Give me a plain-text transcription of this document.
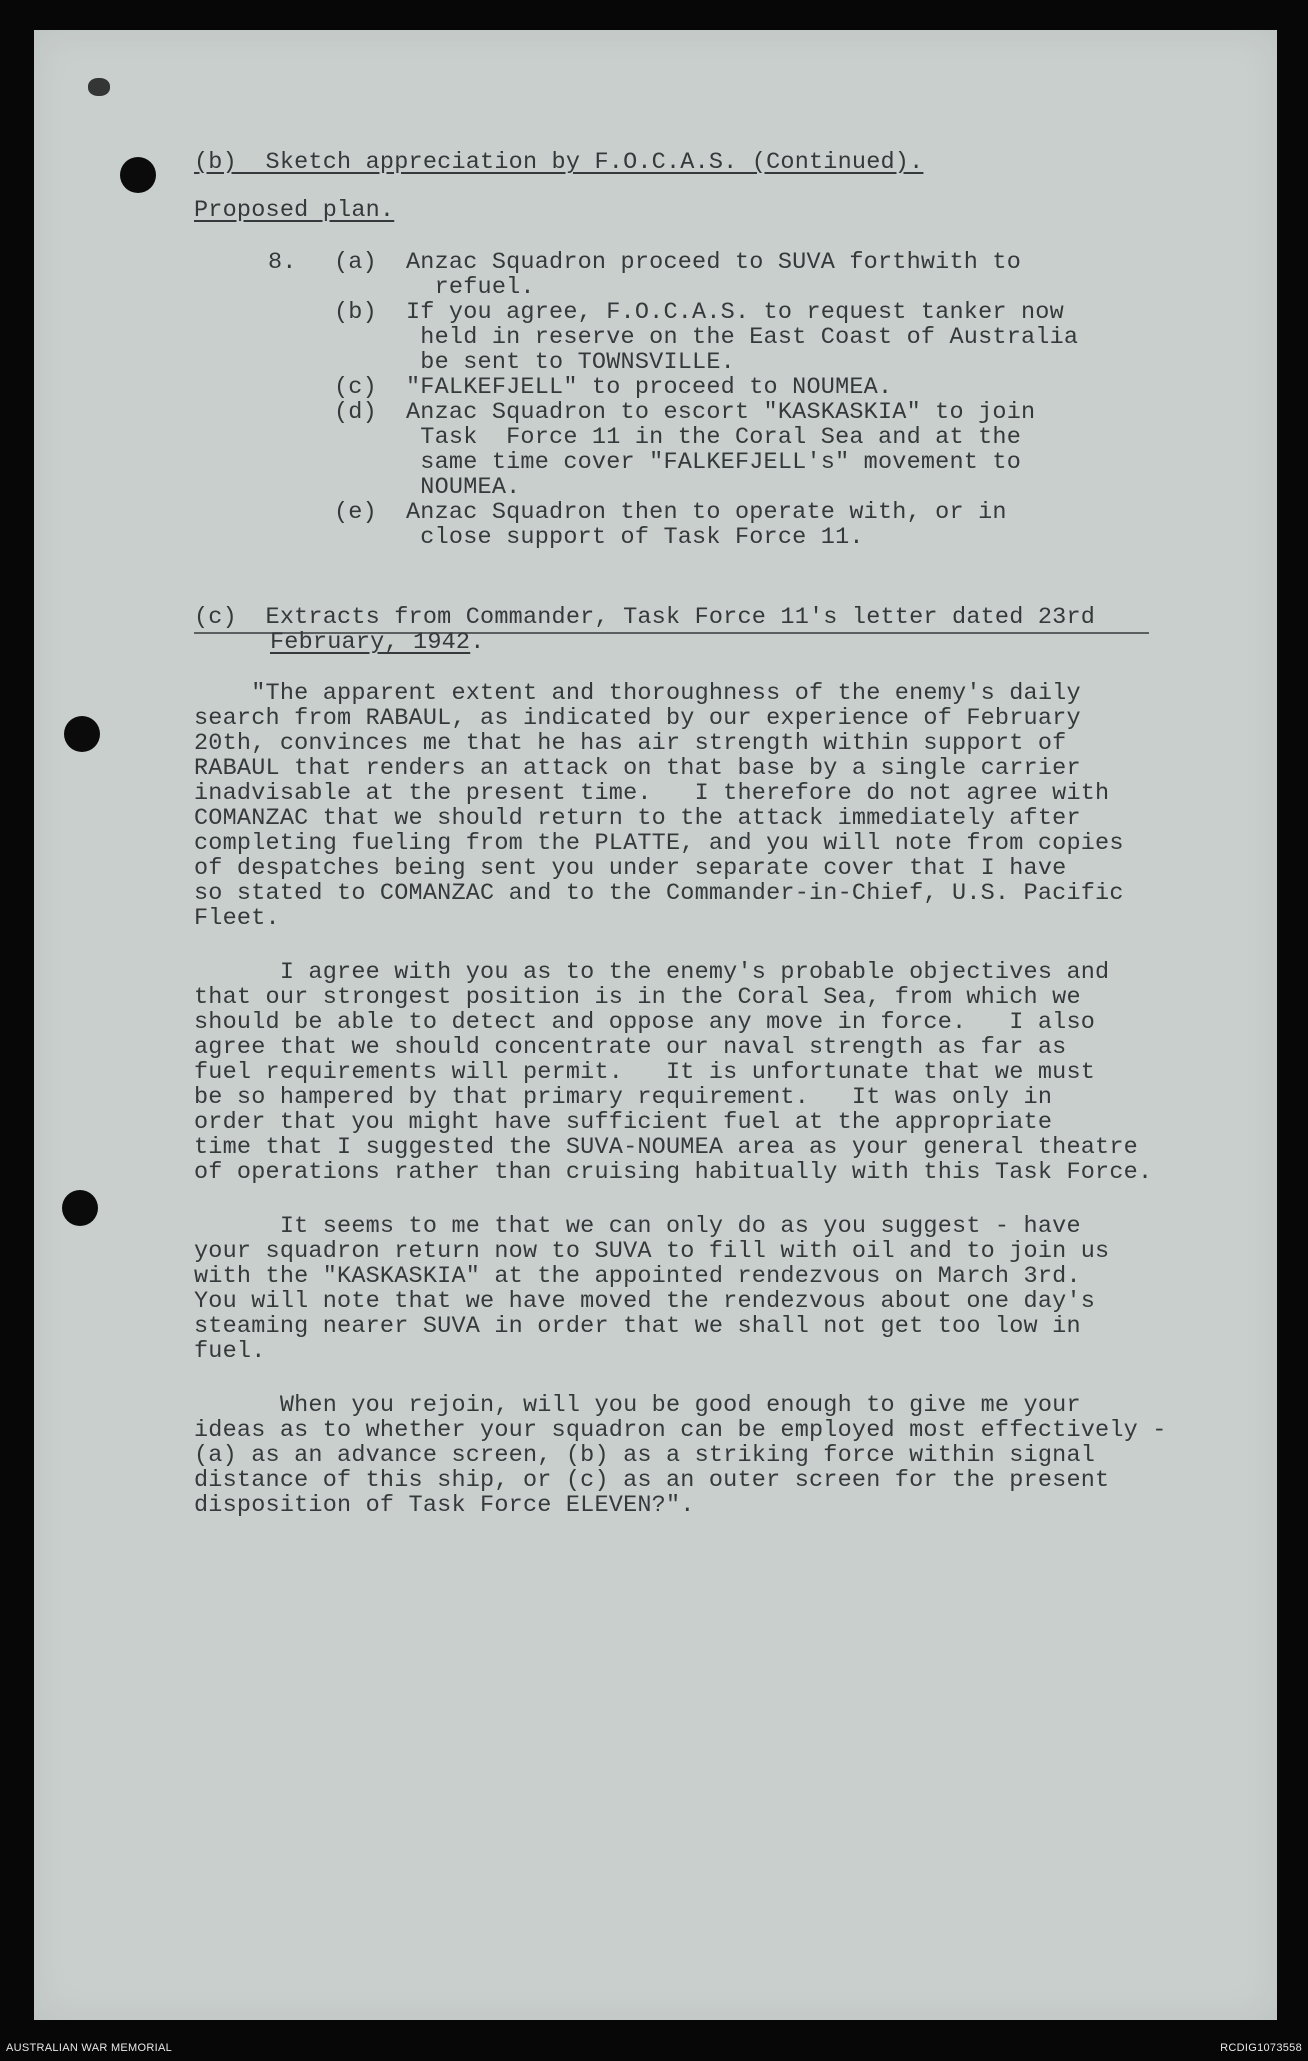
(b)  Sketch appreciation by F.O.C.A.S. (Continued).
Proposed plan.
8. (a) Anzac Squadron proceed to SUVA forthwith to
refuel.
(b) If you agree, F.O.C.A.S. to request tanker now
held in reserve on the East Coast of Australia
be sent to TOWNSVILLE.
(c) "FALKEFJELL" to proceed to NOUMEA.
(d) Anzac Squadron to escort "KASKASKIA" to join
Task  Force 11 in the Coral Sea and at the
same time cover "FALKEFJELL's" movement to
NOUMEA.
(e) Anzac Squadron then to operate with, or in
close support of Task Force 11.
(c)  Extracts from Commander, Task Force 11's letter dated 23rd
February, 1942.
"The apparent extent and thoroughness of the enemy's daily
search from RABAUL, as indicated by our experience of February
20th, convinces me that he has air strength within support of
RABAUL that renders an attack on that base by a single carrier
inadvisable at the present time.   I therefore do not agree with
COMANZAC that we should return to the attack immediately after
completing fueling from the PLATTE, and you will note from copies
of despatches being sent you under separate cover that I have
so stated to COMANZAC and to the Commander-in-Chief, U.S. Pacific
Fleet.
I agree with you as to the enemy's probable objectives and
that our strongest position is in the Coral Sea, from which we
should be able to detect and oppose any move in force.   I also
agree that we should concentrate our naval strength as far as
fuel requirements will permit.   It is unfortunate that we must
be so hampered by that primary requirement.   It was only in
order that you might have sufficient fuel at the appropriate
time that I suggested the SUVA-NOUMEA area as your general theatre
of operations rather than cruising habitually with this Task Force.
It seems to me that we can only do as you suggest - have
your squadron return now to SUVA to fill with oil and to join us
with the "KASKASKIA" at the appointed rendezvous on March 3rd.
You will note that we have moved the rendezvous about one day's
steaming nearer SUVA in order that we shall not get too low in
fuel.
When you rejoin, will you be good enough to give me your
ideas as to whether your squadron can be employed most effectively -
(a) as an advance screen, (b) as a striking force within signal
distance of this ship, or (c) as an outer screen for the present
disposition of Task Force ELEVEN?".
AUSTRALIAN WAR MEMORIAL	RCDIG1073558
